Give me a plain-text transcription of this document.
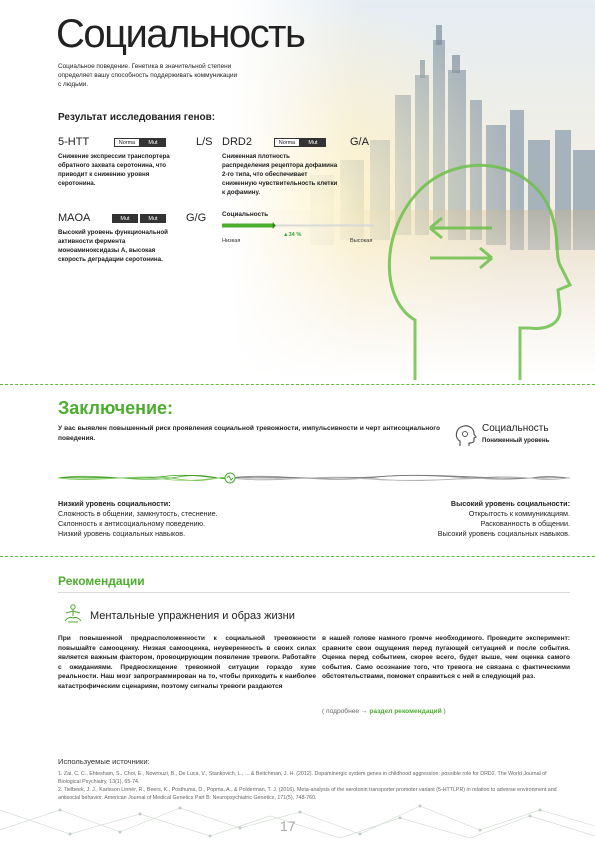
Социальность
Социальное поведение. Генетика в значительной степени
определяет вашу способность поддерживать коммуникации
с людьми.
Результат исследования генов:
5-HTT	Norma	Mut	L/S
Снижение экспрессии транспортера
обратного захвата серотонина, что
приводит к снижению уровня
серотонина.
DRD2	Norma	Mut	G/A
Сниженная плотность
распределения рецептора дофамина
2-го типа, что обеспечивает
сниженную чувствительность клетки
к дофамину.
MAOA	Mut	Mut	G/G
Высокий уровень функциональной
активности фермента
моноаминоксидазы А, высокая
скорость деградации серотонина.
Социальность
▲34 %
Низкая	Высокая
Заключение:
У вас выявлен повышенный риск проявления социальной тревожности, импульсивности и черт антисоциального поведения.
Социальность
Пониженный уровень
Низкий уровень социальности:
Сложность в общении, замкнутость, стеснение.
Склонность к антисоциальному поведению.
Низкий уровень социальных навыков.
Высокий уровень социальности:
Открытость к коммуникациям.
Раскованность в общении.
Высокий уровень социальных навыков.
Рекомендации
Ментальные упражнения и образ жизни
При повышенной предрасположенности к социальной тревожности повышайте самооценку. Низкая самооценка, неуверенность в своих силах является важным фактором, провоцирующим появление тревоги. Работайте с ожиданиями. Предвосхищение тревожной ситуации гораздо хуже реальности. Наш мозг запрограммирован на то, чтобы приходить к наиболее катастрофическим сценариям, поэтому сигналы тревоги раздаются
в нашей голове намного громче необходимого. Проведите эксперимент: сравните свои ощущения перед пугающей ситуацией и после события. Оценка перед событием, скорее всего, будет выше, чем оценка самого события. Само осознание того, что тревога не связана с фактическими обстоятельствами, поможет справиться с ней в следующий раз.
( подробнее → раздел рекомендаций )
Используемые источники:
1. Zai, C. C., Ehtesham, S., Choi, E., Nowrouzi, B., De Luca, V., Stankovich, L., ... & Beitchman, J. H. (2012). Dopaminergic system genes in childhood aggression: possible role for DRD2. The World Journal of Biological Psychiatry, 13(1), 65-74.
2. Tielbeek, J. J., Karlsson Linnér, R., Beers, K., Posthuma, D., Popma, A., & Polderman, T. J. (2016). Meta-analysis of the serotonin transporter promoter variant (5-HTTLPR) in relation to adverse environment and antisocial behavior. American Journal of Medical Genetics Part B: Neuropsychiatric Genetics, 171(5), 748-760.
17
